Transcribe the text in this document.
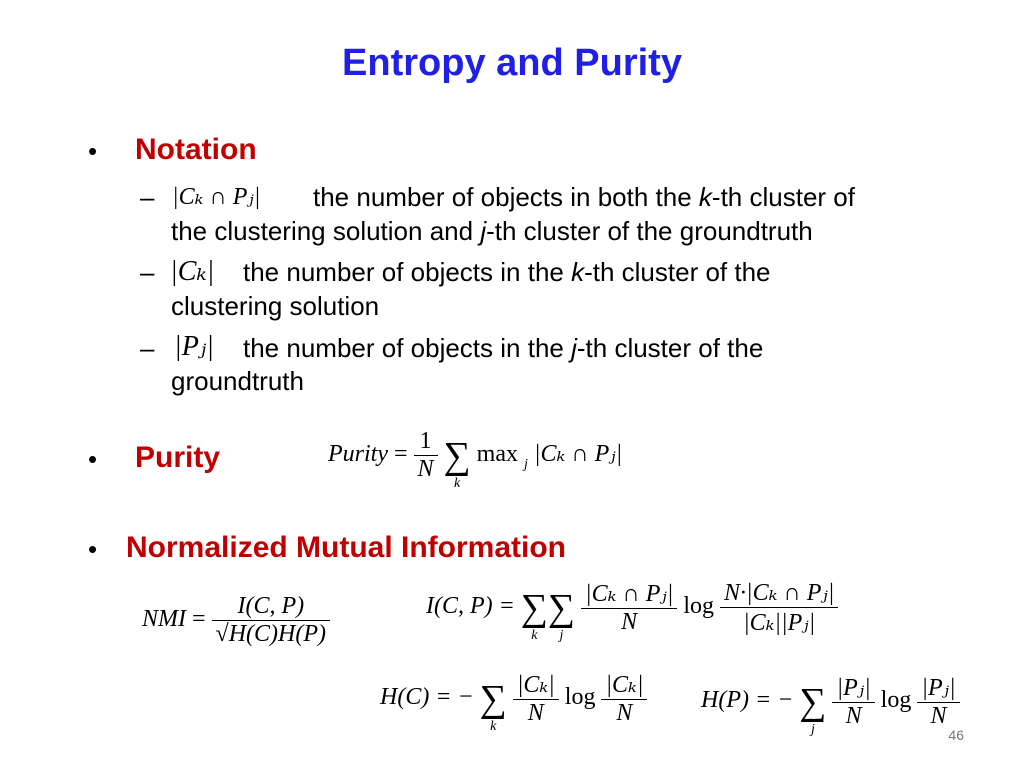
Entropy and Purity
• Notation
– |Cₖ ∩ Pⱼ| the number of objects in both the k-th cluster of
the clustering solution and j-th cluster of the groundtruth
– |Cₖ| the number of objects in the k-th cluster of the
clustering solution
– |Pⱼ| the number of objects in the j-th cluster of the
groundtruth
• Purity	Purity = $\frac{1}{N}$ ∑
k
max $_j$ |Cₖ ∩ Pⱼ|
• Normalized Mutual Information
NMI = $\frac{I(C, P)}{√H(C)H(P)}$	I(C, P) = ∑
k
∑
j
$\frac{\text{|Cₖ ∩ Pⱼ|}}{N}$ $\log \frac{\text{N·|Cₖ ∩ Pⱼ|}}{\text{|Cₖ||Pⱼ|}}$
H(C) = − ∑
k
$\frac{\text{|Cₖ|}}{N}$ $\log \frac{\text{|Cₖ|}}{N} H(P)$ = − ∑
j
$\frac{\text{|Pⱼ|}}{N}$ $\log \frac{\text{|Pⱼ|}}{N}$
46
